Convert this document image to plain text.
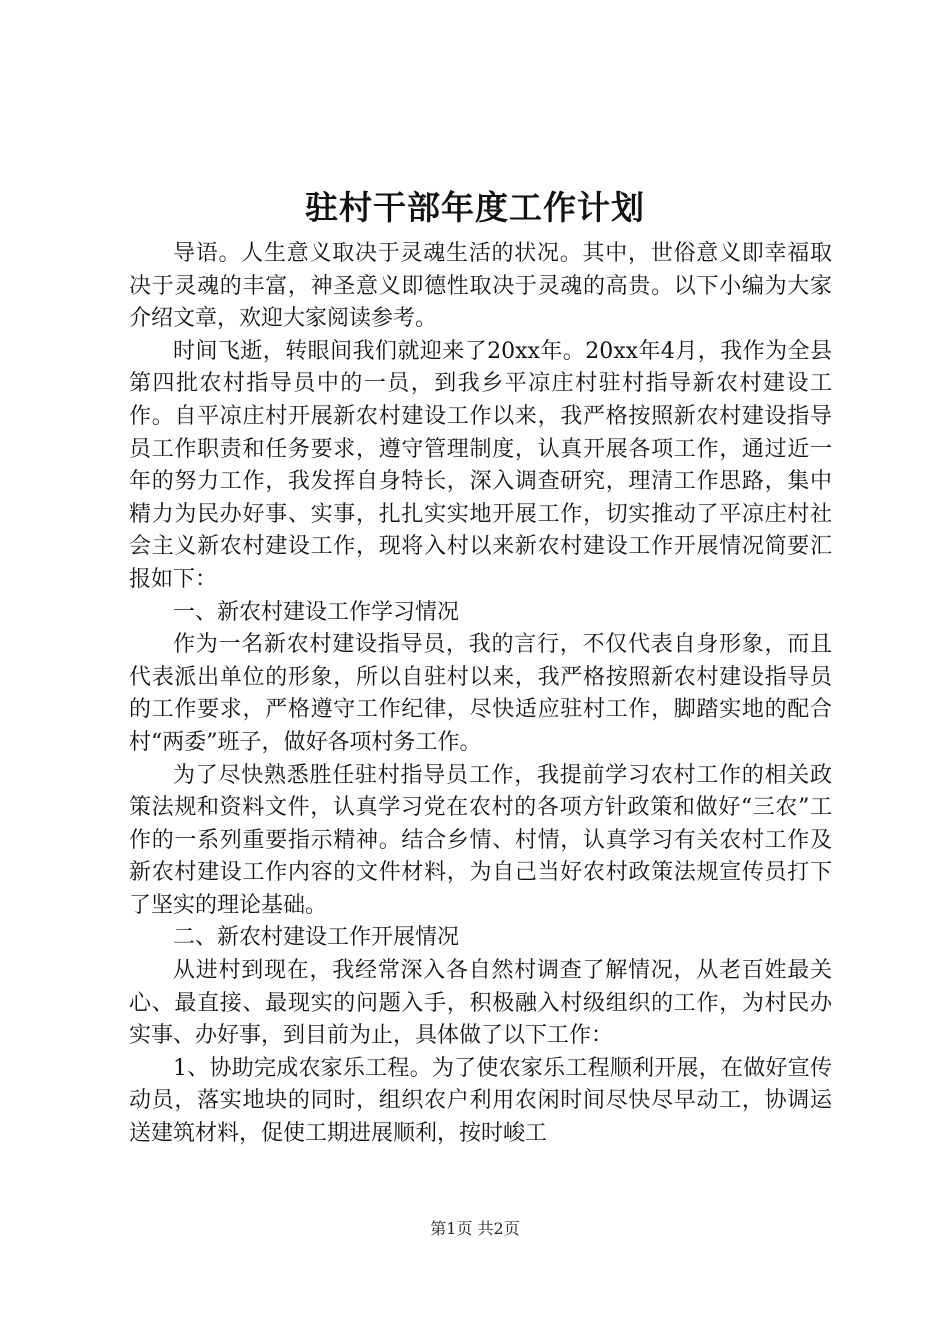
驻村干部年度工作计划

导语。人生意义取决于灵魂生活的状况。其中，世俗意义即幸福取决于灵魂的丰富，神圣意义即德性取决于灵魂的高贵。以下小编为大家介绍文章，欢迎大家阅读参考。

时间飞逝，转眼间我们就迎来了20xx年。20xx年4月，我作为全县第四批农村指导员中的一员，到我乡平凉庄村驻村指导新农村建设工作。自平凉庄村开展新农村建设工作以来，我严格按照新农村建设指导员工作职责和任务要求，遵守管理制度，认真开展各项工作，通过近一年的努力工作，我发挥自身特长，深入调查研究，理清工作思路，集中精力为民办好事、实事，扎扎实实地开展工作，切实推动了平凉庄村社会主义新农村建设工作，现将入村以来新农村建设工作开展情况简要汇报如下：

一、新农村建设工作学习情况

作为一名新农村建设指导员，我的言行，不仅代表自身形象，而且代表派出单位的形象，所以自驻村以来，我严格按照新农村建设指导员的工作要求，严格遵守工作纪律，尽快适应驻村工作，脚踏实地的配合村“两委”班子，做好各项村务工作。

为了尽快熟悉胜任驻村指导员工作，我提前学习农村工作的相关政策法规和资料文件，认真学习党在农村的各项方针政策和做好“三农”工作的一系列重要指示精神。结合乡情、村情，认真学习有关农村工作及新农村建设工作内容的文件材料，为自己当好农村政策法规宣传员打下了坚实的理论基础。

二、新农村建设工作开展情况

从进村到现在，我经常深入各自然村调查了解情况，从老百姓最关心、最直接、最现实的问题入手，积极融入村级组织的工作，为村民办实事、办好事，到目前为止，具体做了以下工作：

1、协助完成农家乐工程。为了使农家乐工程顺利开展，在做好宣传动员，落实地块的同时，组织农户利用农闲时间尽快尽早动工，协调运送建筑材料，促使工期进展顺利，按时峻工

第1页 共2页
